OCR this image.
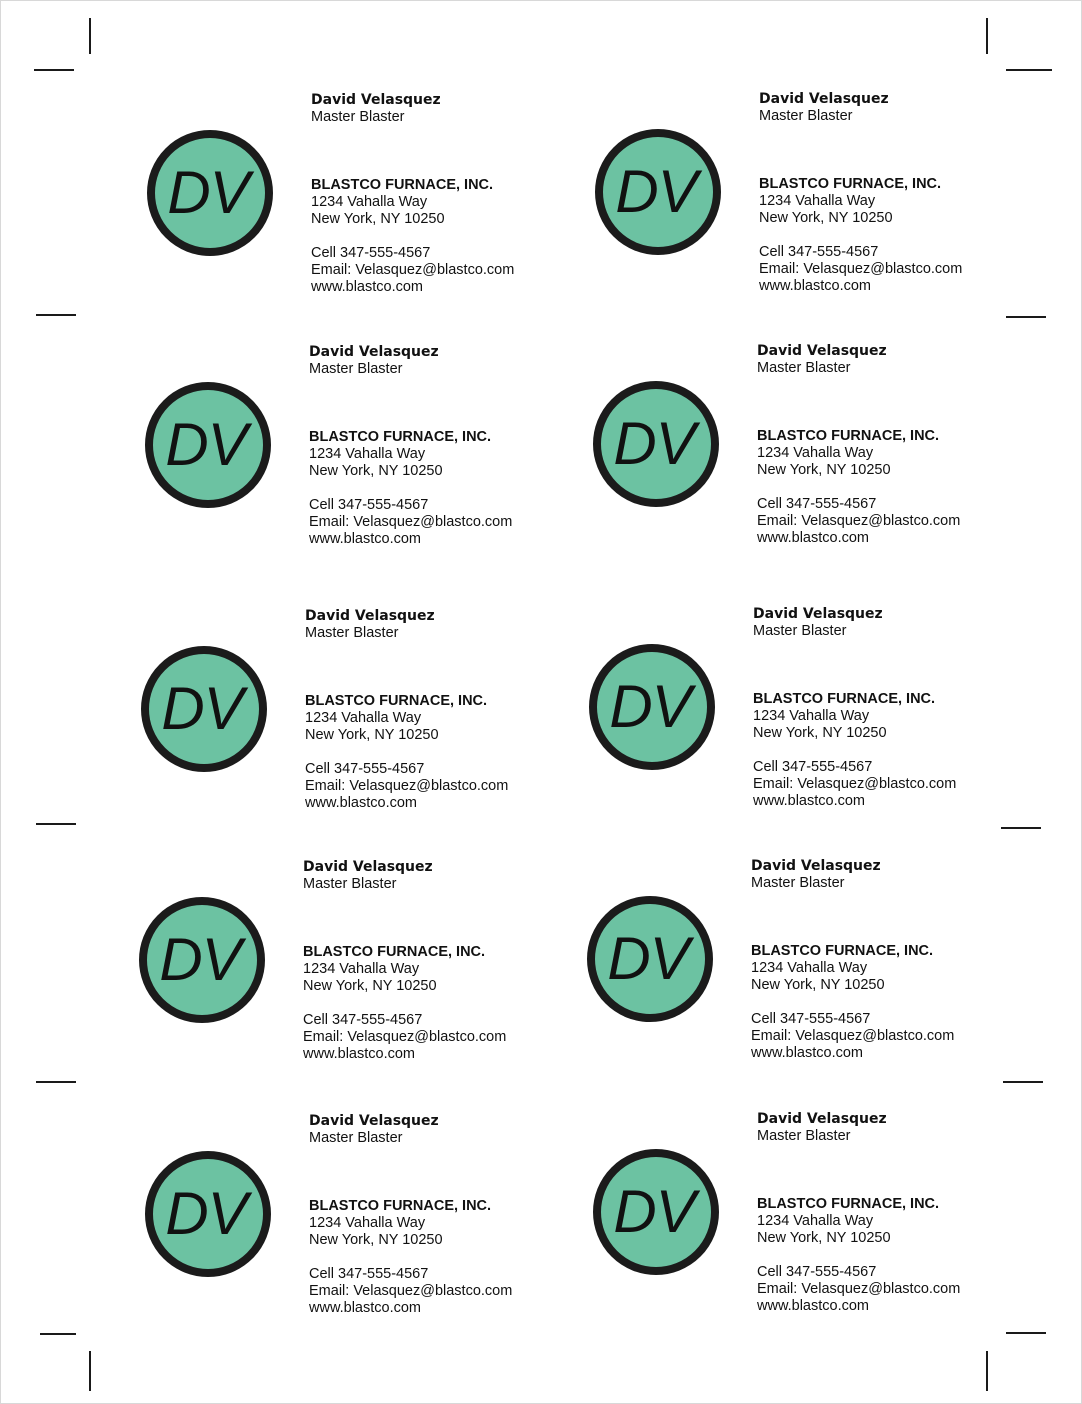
DV
David Velasquez
Master Blaster
BLASTCO FURNACE, INC.
1234 Vahalla Way
New York, NY 10250
Cell 347-555-4567
Email: Velasquez@blastco.com
www.blastco.com
DV
David Velasquez
Master Blaster
BLASTCO FURNACE, INC.
1234 Vahalla Way
New York, NY 10250
Cell 347-555-4567
Email: Velasquez@blastco.com
www.blastco.com
DV
David Velasquez
Master Blaster
BLASTCO FURNACE, INC.
1234 Vahalla Way
New York, NY 10250
Cell 347-555-4567
Email: Velasquez@blastco.com
www.blastco.com
DV
David Velasquez
Master Blaster
BLASTCO FURNACE, INC.
1234 Vahalla Way
New York, NY 10250
Cell 347-555-4567
Email: Velasquez@blastco.com
www.blastco.com
DV
David Velasquez
Master Blaster
BLASTCO FURNACE, INC.
1234 Vahalla Way
New York, NY 10250
Cell 347-555-4567
Email: Velasquez@blastco.com
www.blastco.com
DV
David Velasquez
Master Blaster
BLASTCO FURNACE, INC.
1234 Vahalla Way
New York, NY 10250
Cell 347-555-4567
Email: Velasquez@blastco.com
www.blastco.com
DV
David Velasquez
Master Blaster
BLASTCO FURNACE, INC.
1234 Vahalla Way
New York, NY 10250
Cell 347-555-4567
Email: Velasquez@blastco.com
www.blastco.com
DV
David Velasquez
Master Blaster
BLASTCO FURNACE, INC.
1234 Vahalla Way
New York, NY 10250
Cell 347-555-4567
Email: Velasquez@blastco.com
www.blastco.com
DV
David Velasquez
Master Blaster
BLASTCO FURNACE, INC.
1234 Vahalla Way
New York, NY 10250
Cell 347-555-4567
Email: Velasquez@blastco.com
www.blastco.com
DV
David Velasquez
Master Blaster
BLASTCO FURNACE, INC.
1234 Vahalla Way
New York, NY 10250
Cell 347-555-4567
Email: Velasquez@blastco.com
www.blastco.com
